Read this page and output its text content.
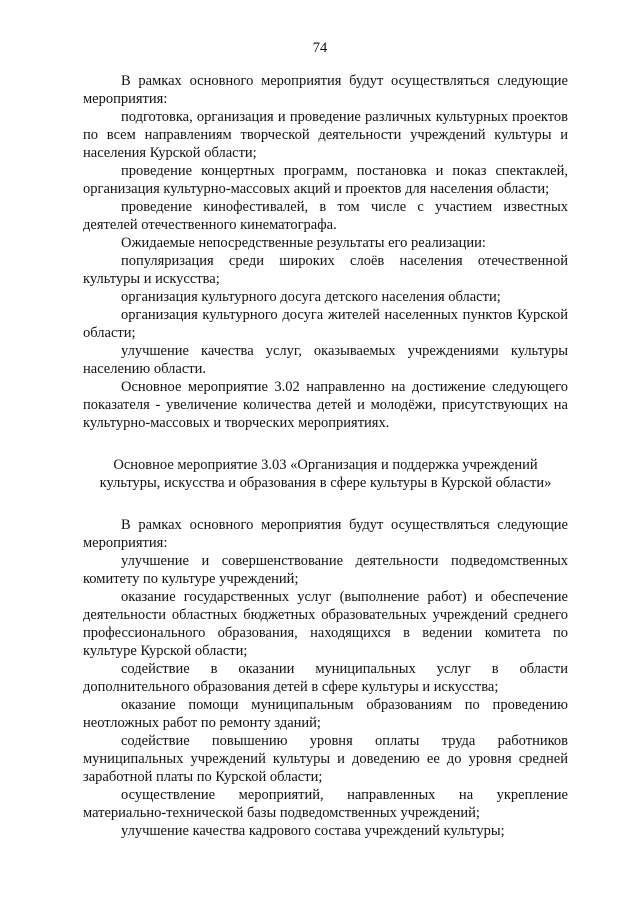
74

В рамках основного мероприятия будут осуществляться следующие мероприятия:

подготовка, организация и проведение различных культурных проектов по всем направлениям творческой деятельности учреждений культуры и населения Курской области;

проведение концертных программ, постановка и показ спектаклей, организация культурно-массовых акций и проектов для населения области;

проведение кинофестивалей, в том числе с участием известных деятелей отечественного кинематографа.

Ожидаемые непосредственные результаты его реализации:

популяризация среди широких слоёв населения отечественной культуры и искусства;

организация культурного досуга детского населения области;

организация культурного досуга жителей населенных пунктов Курской области;

улучшение качества услуг, оказываемых учреждениями культуры населению области.

Основное мероприятие 3.02 направленно на достижение следующего показателя - увеличение количества детей и молодёжи, присутствующих на культурно-массовых и творческих мероприятиях.

Основное мероприятие 3.03 «Организация и поддержка учреждений культуры, искусства и образования в сфере культуры в Курской области»

В рамках основного мероприятия будут осуществляться следующие мероприятия:

улучшение и совершенствование деятельности подведомственных комитету по культуре учреждений;

оказание государственных услуг (выполнение работ) и обеспечение деятельности областных бюджетных образовательных учреждений среднего профессионального образования, находящихся в ведении комитета по культуре Курской области;

содействие в оказании муниципальных услуг в области дополнительного образования детей в сфере культуры и искусства;

оказание помощи муниципальным образованиям по проведению неотложных работ по ремонту зданий;

содействие повышению уровня оплаты труда работников муниципальных учреждений культуры и доведению ее до уровня средней заработной платы по Курской области;

осуществление мероприятий, направленных на укрепление материально-технической базы подведомственных учреждений;

улучшение качества кадрового состава учреждений культуры;
